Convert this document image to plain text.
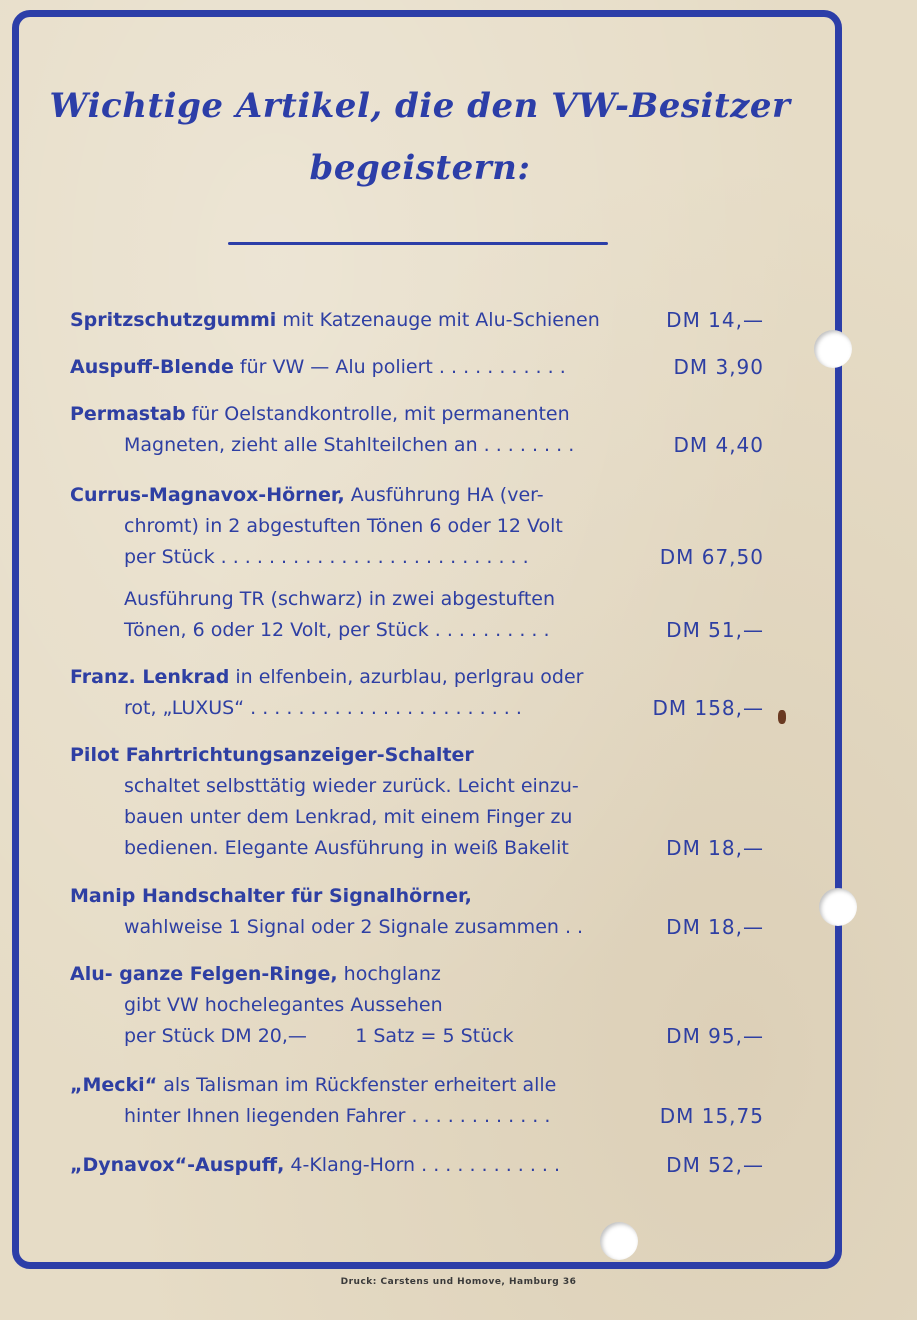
Wichtige Artikel, die den VW-Besitzer
begeistern:
Spritzschutzgummi mit Katzenauge mit Alu-Schienen	DM 14,—
Auspuff-Blende für VW — Alu poliert . . . . . . . . . . .	DM 3,90
Permastab für Oelstandkontrolle, mit permanenten
Magneten, zieht alle Stahlteilchen an . . . . . . . .	DM 4,40
Currus-Magnavox-Hörner, Ausführung HA (ver-
chromt) in 2 abgestuften Tönen 6 oder 12 Volt
per Stück . . . . . . . . . . . . . . . . . . . . . . . . . .	DM 67,50
Ausführung TR (schwarz) in zwei abgestuften
Tönen, 6 oder 12 Volt, per Stück . . . . . . . . . .	DM 51,—
Franz. Lenkrad in elfenbein, azurblau, perlgrau oder
rot, „LUXUS“ . . . . . . . . . . . . . . . . . . . . . . .	DM 158,—
Pilot Fahrtrichtungsanzeiger-Schalter
schaltet selbsttätig wieder zurück. Leicht einzu-
bauen unter dem Lenkrad, mit einem Finger zu
bedienen. Elegante Ausführung in weiß Bakelit	DM 18,—
Manip Handschalter für Signalhörner,
wahlweise 1 Signal oder 2 Signale zusammen . .	DM 18,—
Alu- ganze Felgen-Ringe, hochglanz
gibt VW hochelegantes Aussehen
per Stück DM 20,—        1 Satz = 5 Stück	DM 95,—
„Mecki“ als Talisman im Rückfenster erheitert alle
hinter Ihnen liegenden Fahrer . . . . . . . . . . . .	DM 15,75
„Dynavox“-Auspuff, 4-Klang-Horn . . . . . . . . . . . .	DM 52,—
Druck: Carstens und Homove, Hamburg 36
